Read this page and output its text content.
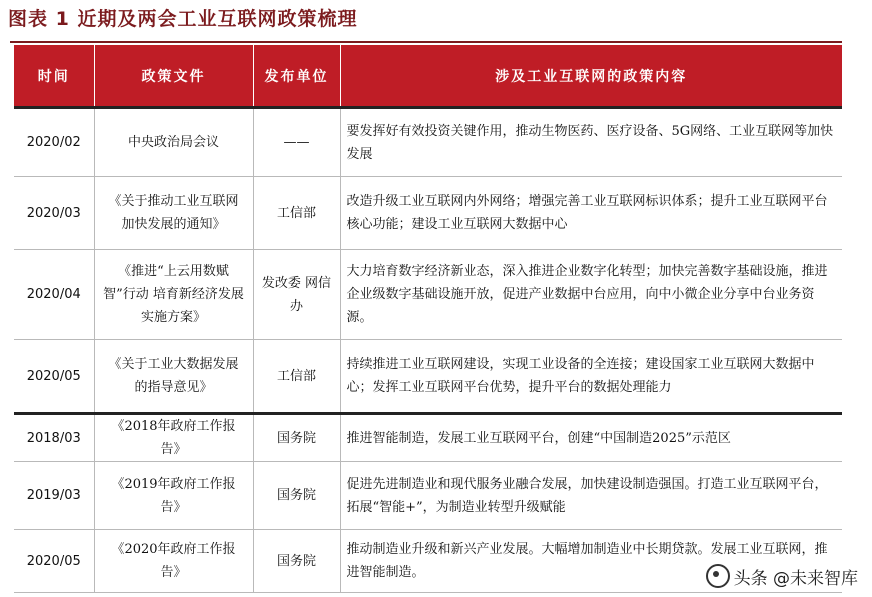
图表 1 近期及两会工业互联网政策梳理
时间	政策文件	发布单位	涉及工业互联网的政策内容
2020/02	中央政治局会议	——	要发挥好有效投资关键作用，推动生物医药、医疗设备、5G网络、工业互联网等加快发展
2020/03	《关于推动工业互联网加快发展的通知》	工信部	改造升级工业互联网内外网络；增强完善工业互联网标识体系；提升工业互联网平台核心功能；建设工业互联网大数据中心
2020/04	《推进“上云用数赋智”行动 培育新经济发展实施方案》	发改委 网信办	大力培育数字经济新业态，深入推进企业数字化转型；加快完善数字基础设施，推进企业级数字基础设施开放，促进产业数据中台应用，向中小微企业分享中台业务资源。
2020/05	《关于工业大数据发展的指导意见》	工信部	持续推进工业互联网建设，实现工业设备的全连接；建设国家工业互联网大数据中心；发挥工业互联网平台优势，提升平台的数据处理能力
2018/03	《2018年政府工作报告》	国务院	推进智能制造，发展工业互联网平台，创建“中国制造2025”示范区
2019/03	《2019年政府工作报告》	国务院	促进先进制造业和现代服务业融合发展，加快建设制造强国。打造工业互联网平台，拓展“智能+”，为制造业转型升级赋能
2020/05	《2020年政府工作报告》	国务院	推动制造业升级和新兴产业发展。大幅增加制造业中长期贷款。发展工业互联网，推进智能制造。	头条 @未来智库
